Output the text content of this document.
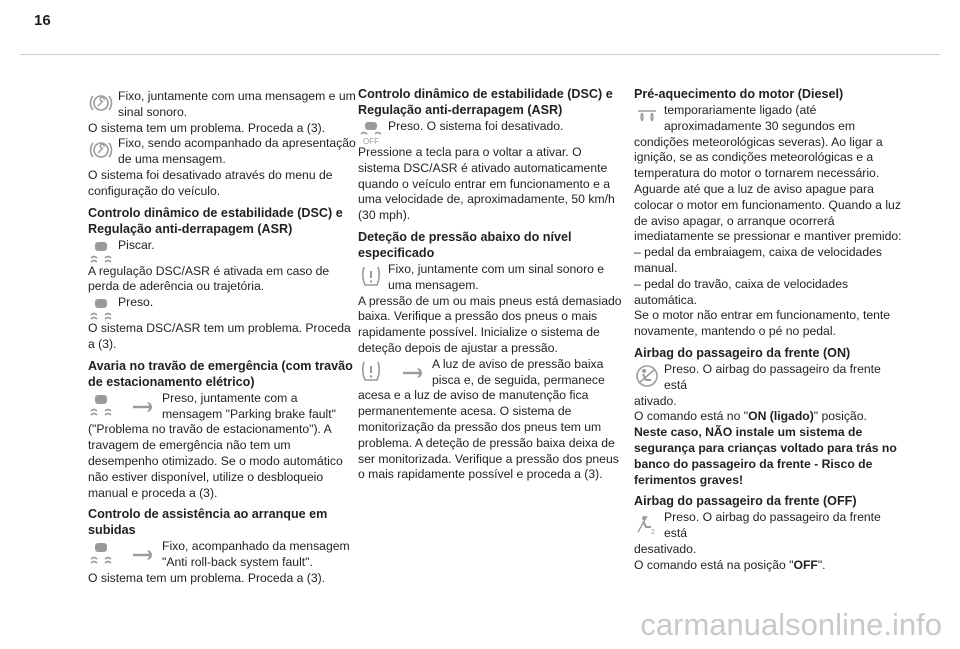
16

Fixo, juntamente com uma mensagem e um sinal sonoro.

O sistema tem um problema. Proceda a (3).

Fixo, sendo acompanhado da apresentação de uma mensagem.

O sistema foi desativado através do menu de configuração do veículo.

Controlo dinâmico de estabilidade (DSC) e Regulação anti-derrapagem (ASR)

Piscar.

A regulação DSC/ASR é ativada em caso de perda de aderência ou trajetória.

Preso.

O sistema DSC/ASR tem um problema. Proceda a (3).

Avaria no travão de emergência (com travão de estacionamento elétrico)

Preso, juntamente com a mensagem "Parking brake fault"

("Problema no travão de estacionamento"). A travagem de emergência não tem um desempenho otimizado. Se o modo automático não estiver disponível, utilize o desbloqueio manual e proceda a (3).

Controlo de assistência ao arranque em subidas

Fixo, acompanhado da mensagem "Anti roll-back system fault".

O sistema tem um problema. Proceda a (3).

Controlo dinâmico de estabilidade (DSC) e Regulação anti-derrapagem (ASR)
OFF

Preso. O sistema foi desativado.

Pressione a tecla para o voltar a ativar. O sistema DSC/ASR é ativado automaticamente quando o veículo entrar em funcionamento e a uma velocidade de, aproximadamente, 50 km/h (30 mph).

Deteção de pressão abaixo do nível especificado

Fixo, juntamente com um sinal sonoro e uma mensagem.

A pressão de um ou mais pneus está demasiado baixa. Verifique a pressão dos pneus o mais rapidamente possível. Inicialize o sistema de deteção depois de ajustar a pressão.

A luz de aviso de pressão baixa pisca e, de seguida, permanece

acesa e a luz de aviso de manutenção fica permanentemente acesa. O sistema de monitorização da pressão dos pneus tem um problema. A deteção de pressão baixa deixa de ser monitorizada. Verifique a pressão dos pneus o mais rapidamente possível e proceda a (3).

Pré-aquecimento do motor (Diesel)

temporariamente ligado (até aproximadamente 30 segundos em

condições meteorológicas severas). Ao ligar a ignição, se as condições meteorológicas e a temperatura do motor o tornarem necessário. Aguarde até que a luz de aviso apague para colocar o motor em funcionamento. Quando a luz de aviso apagar, o arranque ocorrerá imediatamente se pressionar e mantiver premido:

– pedal da embraiagem, caixa de velocidades manual.

– pedal do travão, caixa de velocidades automática.

Se o motor não entrar em funcionamento, tente novamente, mantendo o pé no pedal.

Airbag do passageiro da frente (ON)

Preso. O airbag do passageiro da frente está

ativado.

O comando está no "ON (ligado)" posição.

Neste caso, NÃO instale um sistema de segurança para crianças voltado para trás no banco do passageiro da frente - Risco de ferimentos graves!

Airbag do passageiro da frente (OFF)
2

Preso. O airbag do passageiro da frente está

desativado.

O comando está na posição "OFF".

carmanualsonline.info
